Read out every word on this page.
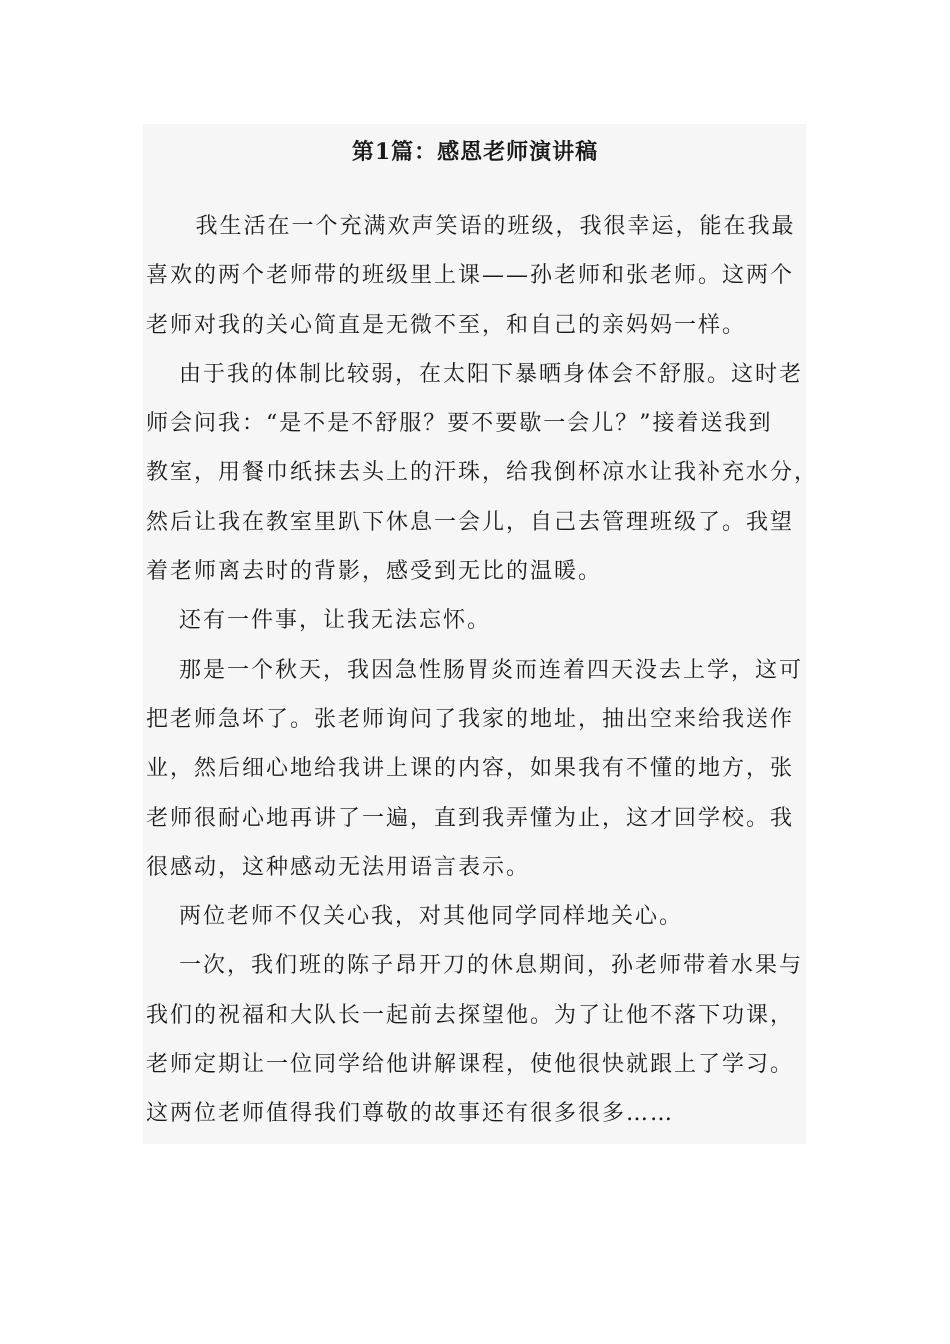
第1篇：感恩老师演讲稿

我生活在一个充满欢声笑语的班级，我很幸运，能在我最

喜欢的两个老师带的班级里上课——孙老师和张老师。这两个

老师对我的关心简直是无微不至，和自己的亲妈妈一样。

由于我的体制比较弱，在太阳下暴晒身体会不舒服。这时老

师会问我：“是不是不舒服？要不要歇一会儿？”接着送我到

教室，用餐巾纸抹去头上的汗珠，给我倒杯凉水让我补充水分，

然后让我在教室里趴下休息一会儿，自己去管理班级了。我望

着老师离去时的背影，感受到无比的温暖。

还有一件事，让我无法忘怀。

那是一个秋天，我因急性肠胃炎而连着四天没去上学，这可

把老师急坏了。张老师询问了我家的地址，抽出空来给我送作

业，然后细心地给我讲上课的内容，如果我有不懂的地方，张

老师很耐心地再讲了一遍，直到我弄懂为止，这才回学校。我

很感动，这种感动无法用语言表示。

两位老师不仅关心我，对其他同学同样地关心。

一次，我们班的陈子昂开刀的休息期间，孙老师带着水果与

我们的祝福和大队长一起前去探望他。为了让他不落下功课，

老师定期让一位同学给他讲解课程，使他很快就跟上了学习。

这两位老师值得我们尊敬的故事还有很多很多……
